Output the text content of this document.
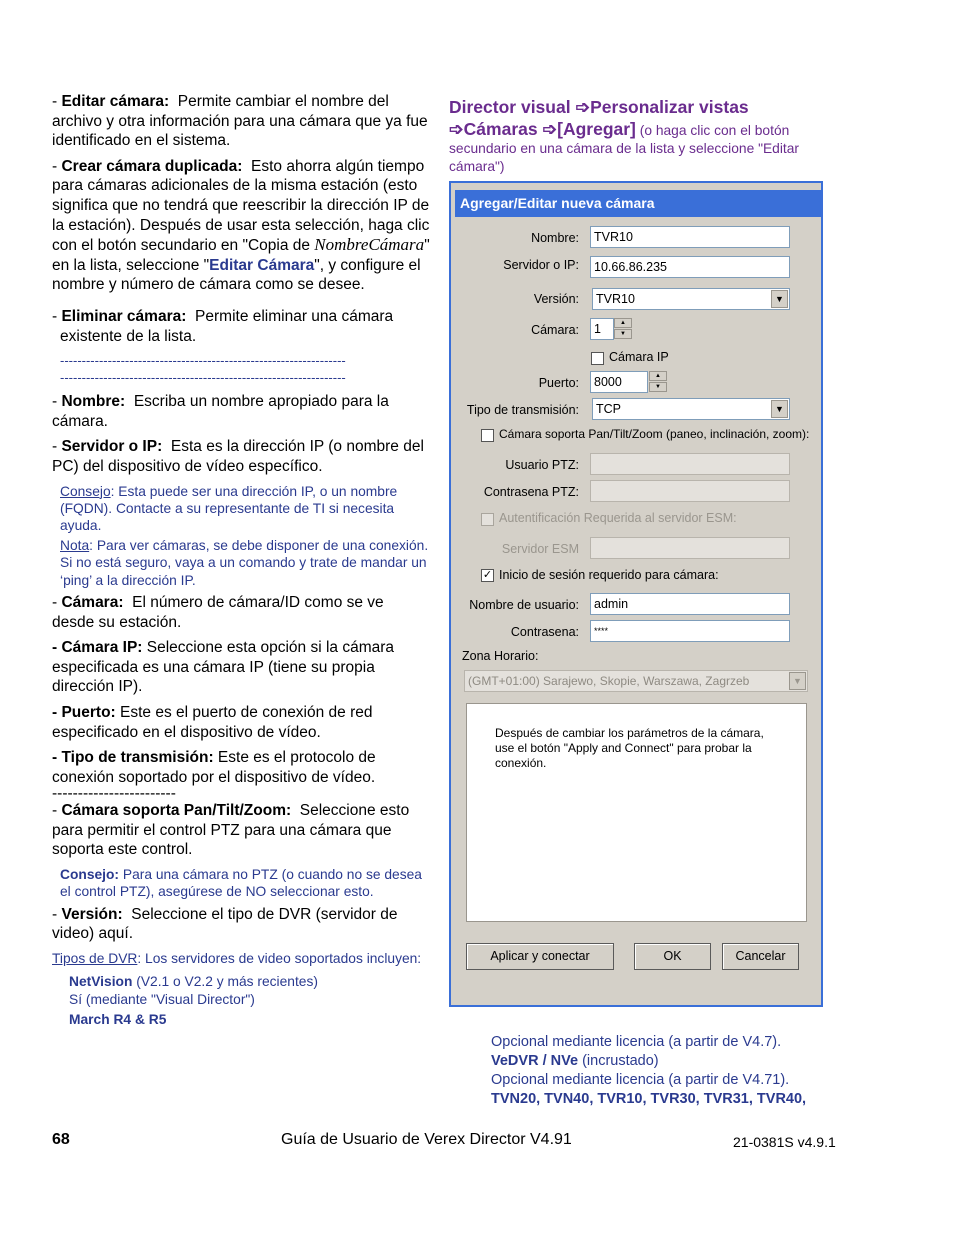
- Editar cámara: Permite cambiar el nombre del archivo y otra información para una cámara que ya fue identificado en el sistema.

- Crear cámara duplicada: Esto ahorra algún tiempo para cámaras adicionales de la misma estación (esto significa que no tendrá que reescribir la dirección IP de la estación). Después de usar esta selección, haga clic con el botón secundario en "Copia de NombreCámara" en la lista, seleccione "Editar Cámara", y configure el nombre y número de cámara como se desee.

- Eliminar cámara: Permite eliminar una cámara existente de la lista.

------------------------------------------------------------------
------------------------------------------------------------------

- Nombre: Escriba un nombre apropiado para la cámara.

- Servidor o IP: Esta es la dirección IP (o nombre del PC) del dispositivo de vídeo específico.

Consejo: Esta puede ser una dirección IP, o un nombre (FQDN). Contacte a su representante de TI si necesita ayuda.

Nota: Para ver cámaras, se debe disponer de una conexión. Si no está seguro, vaya a un comando y trate de mandar un ‘ping’ a la dirección IP.

- Cámara: El número de cámara/ID como se ve desde su estación.

- Cámara IP: Seleccione esta opción si la cámara especificada es una cámara IP (tiene su propia dirección IP).

- Puerto: Este es el puerto de conexión de red especificado en el dispositivo de vídeo.

- Tipo de transmisión: Este es el protocolo de conexión soportado por el dispositivo de vídeo.

------------------------

- Cámara soporta Pan/Tilt/Zoom: Seleccione esto para permitir el control PTZ para una cámara que soporta este control.

Consejo: Para una cámara no PTZ (o cuando no se desea el control PTZ), asegúrese de NO seleccionar esto.

- Versión: Seleccione el tipo de DVR (servidor de video) aquí.

Tipos de DVR: Los servidores de video soportados incluyen:

NetVision (V2.1 o V2.2 y más recientes)
Sí (mediante "Visual Director")
March R4 & R5
Director visual ➩Personalizar vistas
➩Cámaras ➩[Agregar] (o haga clic con el botón secundario en una cámara de la lista y seleccione "Editar cámara")
Agregar/Editar nueva cámara
Nombre:	TVR10
Servidor o IP:	10.66.86.235
Versión:	TVR10	▼
Cámara:	1	▲
▼
Cámara IP
Puerto:	8000	▲
▼
Tipo de transmisión:	TCP	▼
Cámara soporta Pan/Tilt/Zoom (paneo, inclinación, zoom):
Usuario PTZ:
Contrasena PTZ:
Autentificación Requerida al servidor ESM:
Servidor ESM
✓ Inicio de sesión requerido para cámara:
Nombre de usuario:	admin
Contrasena:	****
Zona Horario:
(GMT+01:00) Sarajewo, Skopie, Warszawa, Zagrzeb	▼
Después de cambiar los parámetros de la cámara, use el botón "Apply and Connect" para probar la conexión.
Aplicar y conectar	OK	Cancelar
Opcional mediante licencia (a partir de V4.7).
VeDVR / NVe (incrustado)
Opcional mediante licencia (a partir de V4.71).
TVN20, TVN40, TVR10, TVR30, TVR31, TVR40,
68	Guía de Usuario de Verex Director V4.91	21-0381S v4.9.1
